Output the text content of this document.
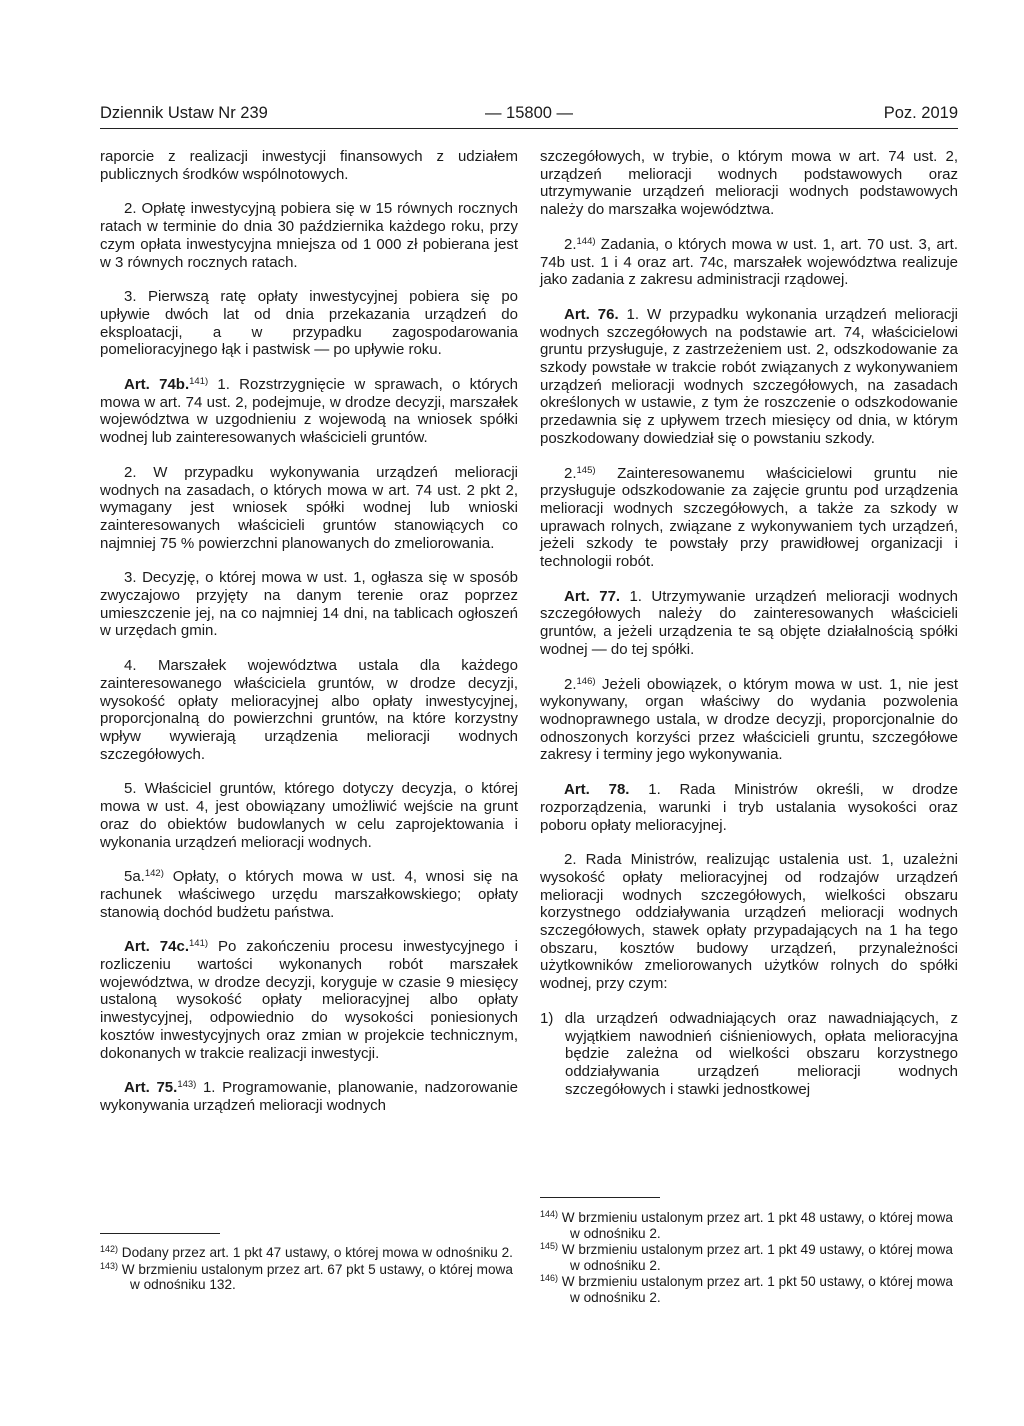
Dziennik Ustaw Nr 239	— 15800 —	Poz. 2019

raporcie z realizacji inwestycji finansowych z udziałem publicznych środków wspólnotowych.

2. Opłatę inwestycyjną pobiera się w 15 równych rocznych ratach w terminie do dnia 30 października każdego roku, przy czym opłata inwestycyjna mniejsza od 1 000 zł pobierana jest w 3 równych rocznych ratach.

3. Pierwszą ratę opłaty inwestycyjnej pobiera się po upływie dwóch lat od dnia przekazania urządzeń do eksploatacji, a w przypadku zagospodarowania pomelioracyjnego łąk i pastwisk — po upływie roku.

Art. 74b.$^{141)}$ 1. Rozstrzygnięcie w sprawach, o których mowa w art. 74 ust. 2, podejmuje, w drodze decyzji, marszałek województwa w uzgodnieniu z wojewodą na wniosek spółki wodnej lub zainteresowanych właścicieli gruntów.

2. W przypadku wykonywania urządzeń melioracji wodnych na zasadach, o których mowa w art. 74 ust. 2 pkt 2, wymagany jest wniosek spółki wodnej lub wnioski zainteresowanych właścicieli gruntów stanowiących co najmniej 75 % powierzchni planowanych do zmeliorowania.

3. Decyzję, o której mowa w ust. 1, ogłasza się w sposób zwyczajowo przyjęty na danym terenie oraz poprzez umieszczenie jej, na co najmniej 14 dni, na tablicach ogłoszeń w urzędach gmin.

4. Marszałek województwa ustala dla każdego zainteresowanego właściciela gruntów, w drodze decyzji, wysokość opłaty melioracyjnej albo opłaty inwestycyjnej, proporcjonalną do powierzchni gruntów, na które korzystny wpływ wywierają urządzenia melioracji wodnych szczegółowych.

5. Właściciel gruntów, którego dotyczy decyzja, o której mowa w ust. 4, jest obowiązany umożliwić wejście na grunt oraz do obiektów budowlanych w celu zaprojektowania i wykonania urządzeń melioracji wodnych.

5a.$^{142)}$ Opłaty, o których mowa w ust. 4, wnosi się na rachunek właściwego urzędu marszałkowskiego; opłaty stanowią dochód budżetu państwa.

Art. 74c.$^{141)}$ Po zakończeniu procesu inwestycyjnego i rozliczeniu wartości wykonanych robót marszałek województwa, w drodze decyzji, koryguje w czasie 9 miesięcy ustaloną wysokość opłaty melioracyjnej albo opłaty inwestycyjnej, odpowiednio do wysokości poniesionych kosztów inwestycyjnych oraz zmian w projekcie technicznym, dokonanych w trakcie realizacji inwestycji.

Art. 75.$^{143)}$ 1. Programowanie, planowanie, nadzorowanie wykonywania urządzeń melioracji wodnych

$^{142)}$ Dodany przez art. 1 pkt 47 ustawy, o której mowa w odnośniku 2.

$^{143)}$ W brzmieniu ustalonym przez art. 67 pkt 5 ustawy, o której mowa w odnośniku 132.

szczegółowych, w trybie, o którym mowa w art. 74 ust. 2, urządzeń melioracji wodnych podstawowych oraz utrzymywanie urządzeń melioracji wodnych podstawowych należy do marszałka województwa.

2.$^{144)}$ Zadania, o których mowa w ust. 1, art. 70 ust. 3, art. 74b ust. 1 i 4 oraz art. 74c, marszałek województwa realizuje jako zadania z zakresu administracji rządowej.

Art. 76. 1. W przypadku wykonania urządzeń melioracji wodnych szczegółowych na podstawie art. 74, właścicielowi gruntu przysługuje, z zastrzeżeniem ust. 2, odszkodowanie za szkody powstałe w trakcie robót związanych z wykonywaniem urządzeń melioracji wodnych szczegółowych, na zasadach określonych w ustawie, z tym że roszczenie o odszkodowanie przedawnia się z upływem trzech miesięcy od dnia, w którym poszkodowany dowiedział się o powstaniu szkody.

2.$^{145)}$ Zainteresowanemu właścicielowi gruntu nie przysługuje odszkodowanie za zajęcie gruntu pod urządzenia melioracji wodnych szczegółowych, a także za szkody w uprawach rolnych, związane z wykonywaniem tych urządzeń, jeżeli szkody te powstały przy prawidłowej organizacji i technologii robót.

Art. 77. 1. Utrzymywanie urządzeń melioracji wodnych szczegółowych należy do zainteresowanych właścicieli gruntów, a jeżeli urządzenia te są objęte działalnością spółki wodnej — do tej spółki.

2.$^{146)}$ Jeżeli obowiązek, o którym mowa w ust. 1, nie jest wykonywany, organ właściwy do wydania pozwolenia wodnoprawnego ustala, w drodze decyzji, proporcjonalnie do odnoszonych korzyści przez właścicieli gruntu, szczegółowe zakresy i terminy jego wykonywania.

Art. 78. 1. Rada Ministrów określi, w drodze rozporządzenia, warunki i tryb ustalania wysokości oraz poboru opłaty melioracyjnej.

2. Rada Ministrów, realizując ustalenia ust. 1, uzależni wysokość opłaty melioracyjnej od rodzajów urządzeń melioracji wodnych szczegółowych, wielkości obszaru korzystnego oddziaływania urządzeń melioracji wodnych szczegółowych, stawek opłaty przypadających na 1 ha tego obszaru, kosztów budowy urządzeń, przynależności użytkowników zmeliorowanych użytków rolnych do spółki wodnej, przy czym:

1) dla urządzeń odwadniających oraz nawadniających, z wyjątkiem nawodnień ciśnieniowych, opłata melioracyjna będzie zależna od wielkości obszaru korzystnego oddziaływania urządzeń melioracji wodnych szczegółowych i stawki jednostkowej

$^{144)}$ W brzmieniu ustalonym przez art. 1 pkt 48 ustawy, o której mowa w odnośniku 2.

$^{145)}$ W brzmieniu ustalonym przez art. 1 pkt 49 ustawy, o której mowa w odnośniku 2.

$^{146)}$ W brzmieniu ustalonym przez art. 1 pkt 50 ustawy, o której mowa w odnośniku 2.
